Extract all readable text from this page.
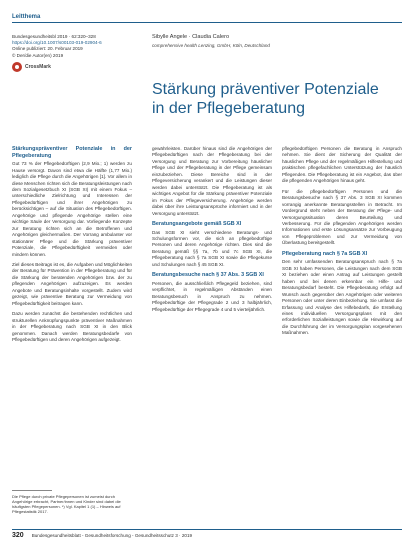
Leitthema
Bundesgesundheitsbl 2019 · 62:320–328
https://doi.org/10.1007/s00103-019-02904-6
Online publiziert: 20. Februar 2019
© Der/die Autor(en) 2019
CrossMark
Sibylle Angele · Claudia Calero
comprehensive health Lenzing, GmbH, Köln, Deutschland
Stärkung präventiver Potenziale
in der Pflegeberatung
Stärkungspräventiver Potenziale in der Pflegeberatung

Gut 73 % der Pflegebedürftigen (2,9 Mio.; 1) werden zu Hause versorgt. Davon sind etwa die Hälfte (1,77 Mio.) lediglich die Pflege durch die Angehörigen [1]. Vor allem in diese Menschen richten sich die Beratungsleistungen nach dem Sozialgesetzbuch XI (SGB XI) mit einem Fokus – unterschiedliche Zielrichtung und Interessen der Pflegebedürftigen und ihrer Angehörigen zu berücksichtigen – auf die Situation des Pflegebedürftigen. Angehörige und pflegende Angehörige stellen eine wichtige Säule der Versorgung dar. Vorliegende Konzepte zur Beratung richten sich an die Betroffenen und Angehörigen gleichermaßen. Der Vorrang ambulanter vor stationärer Pflege und die Stärkung präventiver Potenziale, die Pflegebedürftigkeit vermeiden oder mindern können.

Ziel dieses Beitrags ist es, die Aufgaben und Möglichkeiten der Beratung für Prävention in der Pflegeberatung und für die Stärkung der beratenden Angehörigen bzw. der zu pflegenden Angehörigen aufzuzeigen. Es werden Angebote und Beratungsinhalte vorgestellt. Zudem wird gezeigt, wie präventive Beratung zur Vermeidung von Pflegebedürftigkeit beitragen kann.

Dazu werden zunächst die bestehenden rechtlichen und strukturellen Anknüpfungspunkte präventiver Maßnahmen in der Pflegeberatung nach SGB XI in den Blick genommen. Danach werden Beratungsbedarfe von Pflegebedürftigen und deren Angehörigen aufgezeigt.

gewährleisten. Darüber hinaus sind die Angehörigen der Pflegebedürftigen nach der Pflegeberatung bei der Versorgung und Beratung zur Vorbereitung häuslicher Pflege und der Pflegeberatung in der Pflege gemeinsam einzubeziehen. Diese Bereiche sind in der Pflegeversicherung verankert und die Leistungen dieser werden dabei unterstützt. Die Pflegeberatung ist als wichtiges Angebot für die Stärkung präventiver Potenziale im Fokus der Pflegeversicherung. Angehörige werden dabei über ihre Leistungsansprüche informiert und in der Versorgung unterstützt.

Beratungsangebote gemäß SGB XI

Das SGB XI sieht verschiedene Beratungs- und Schulungsformen vor, die sich an pflegebedürftige Personen und deren Angehörige richten. Dies sind die Beratung gemäß §§ 7a, 7b und 7c SGB XI, die Pflegeberatung nach § 7a SGB XI sowie die Pflegekurse und Schulungen nach § 45 SGB XI.

Beratungsbesuche nach § 37 Abs. 3 SGB XI

Personen, die ausschließlich Pflegegeld beziehen, sind verpflichtet, in regelmäßigen Abständen einen Beratungsbesuch in Anspruch zu nehmen. Pflegebedürftige der Pflegegrade 2 und 3 halbjährlich, Pflegebedürftige der Pflegegrade 4 und 5 vierteljährlich.

pflegebedürftigen Personen die Beratung in Anspruch nehmen. Sie dient der Sicherung der Qualität der häuslichen Pflege und der regelmäßigen Hilfestellung und praktischen pflegefachlichen Unterstützung der häuslich Pflegenden. Die Pflegeberatung ist ein Angebot, das über die pflegenden Angehörigen hinaus geht.

Für die pflegebedürftigen Personen und die Beratungsbesuche nach § 37 Abs. 3 SGB XI kommen vorrangig anerkannte Beratungsstellen in Betracht. Im Vordergrund steht neben der Beratung der Pflege- und Versorgungssituation deren Beurteilung und Verbesserung. Für die pflegenden Angehörigen werden Informationen und erste Lösungsansätze zur Vorbeugung von Pflegeproblemen und zur Vermeidung von Überlastung bereitgestellt.

Pflegeberatung nach § 7a SGB XI

Den sehr umfassenden Beratungsanspruch nach § 7a SGB XI haben Personen, die Leistungen nach dem SGB XI beziehen oder einen Antrag auf Leistungen gestellt haben und bei denen erkennbar ein Hilfe- und Beratungsbedarf besteht. Die Pflegeberatung erfolgt auf Wunsch auch gegenüber den Angehörigen oder weiteren Personen oder unter deren Einbeziehung. Sie umfasst die Erfassung und Analyse des Hilfebedarfs, die Erstellung eines individuellen Versorgungsplans mit den erforderlichen Sozialleistungen sowie die Hinwirkung auf die Durchführung der im Versorgungsplan vorgesehenen Maßnahmen.

Die Pflege durch private Pflegepersonen ist zumeist durch Angehörige erbracht, Partner/innen und Kinder sind dabei die häufigsten Pflegepersonen. *) Vgl. Kapitel 1 (1) – Hinweis auf Pflegestatistik 2017.
320 Bundesgesundheitsblatt - Gesundheitsforschung - Gesundheitsschutz 3 · 2019
